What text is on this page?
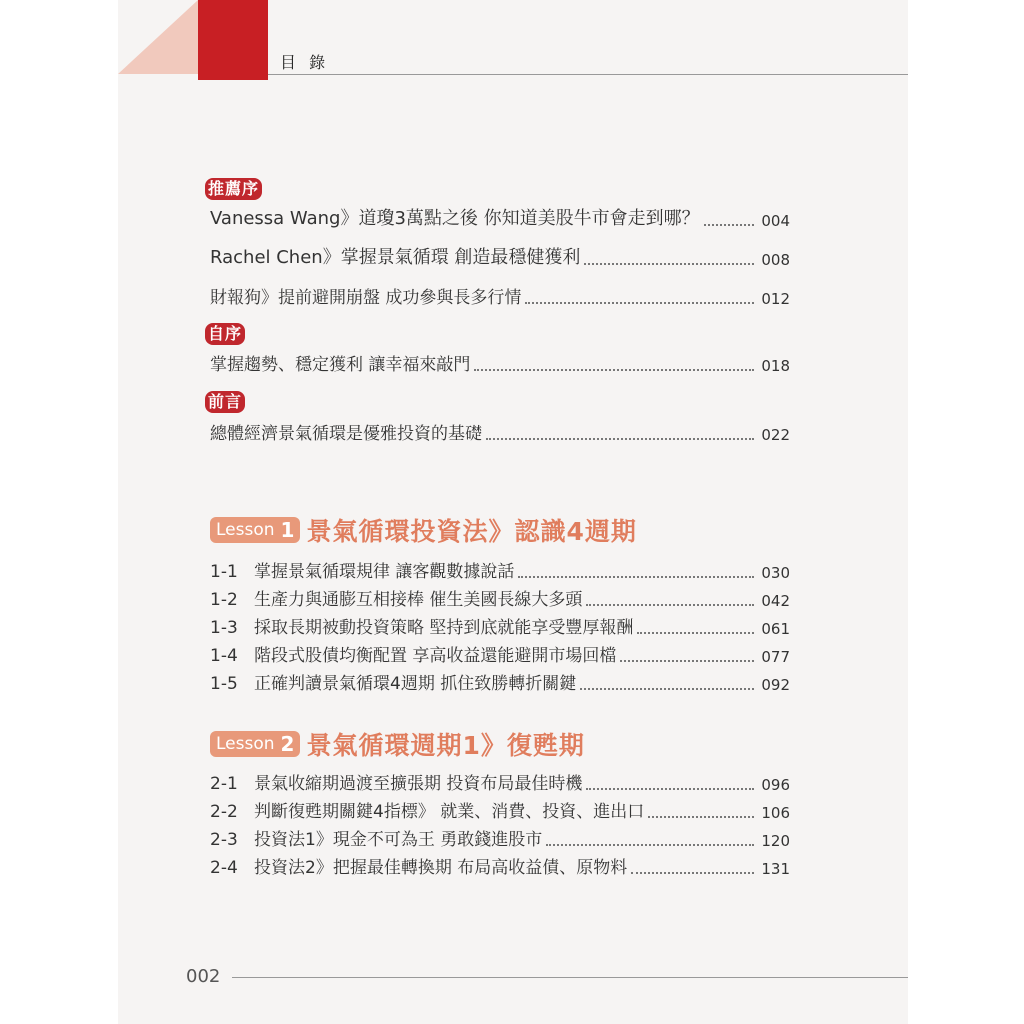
目 錄
推薦序
Vanessa Wang》道瓊3萬點之後 你知道美股牛市會走到哪？	004
Rachel Chen》掌握景氣循環 創造最穩健獲利	008
財報狗》提前避開崩盤 成功參與長多行情	012
自序
掌握趨勢、穩定獲利 讓幸福來敲門	018
前言
總體經濟景氣循環是優雅投資的基礎	022
Lesson 1 景氣循環投資法》認識4週期
1-1 掌握景氣循環規律 讓客觀數據說話	030
1-2 生產力與通膨互相接棒 催生美國長線大多頭	042
1-3 採取長期被動投資策略 堅持到底就能享受豐厚報酬	061
1-4 階段式股債均衡配置 享高收益還能避開市場回檔	077
1-5 正確判讀景氣循環4週期 抓住致勝轉折關鍵	092
Lesson 2 景氣循環週期1》復甦期
2-1 景氣收縮期過渡至擴張期 投資布局最佳時機	096
2-2 判斷復甦期關鍵4指標》 就業、消費、投資、進出口	106
2-3 投資法1》現金不可為王 勇敢錢進股市	120
2-4 投資法2》把握最佳轉換期 布局高收益債、原物料	131
002
